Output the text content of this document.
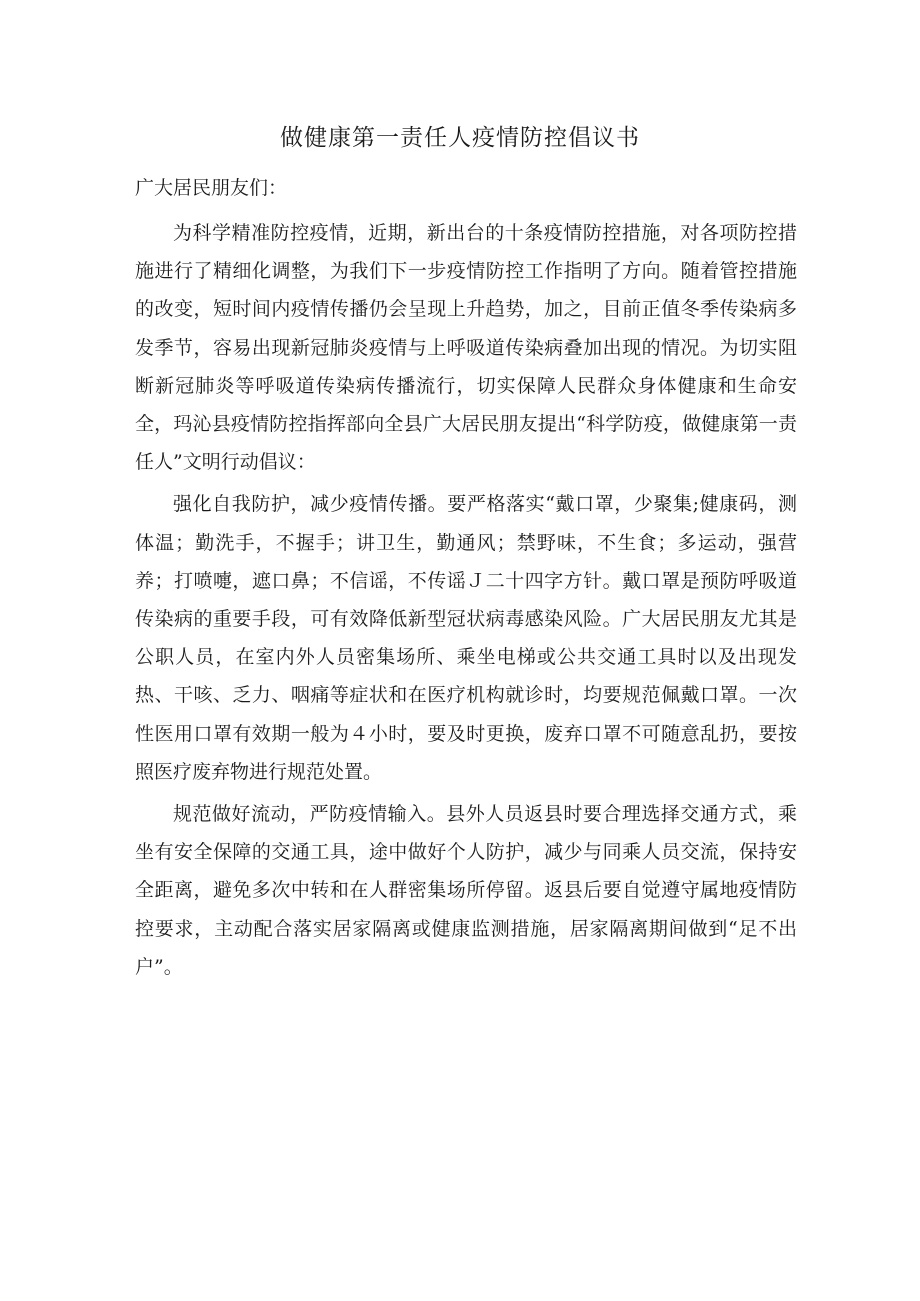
做健康第一责任人疫情防控倡议书
广大居民朋友们：

为科学精准防控疫情，近期，新出台的十条疫情防控措施，对各项防控措施进行了精细化调整，为我们下一步疫情防控工作指明了方向。随着管控措施的改变，短时间内疫情传播仍会呈现上升趋势，加之，目前正值冬季传染病多发季节，容易出现新冠肺炎疫情与上呼吸道传染病叠加出现的情况。为切实阻断新冠肺炎等呼吸道传染病传播流行，切实保障人民群众身体健康和生命安全，玛沁县疫情防控指挥部向全县广大居民朋友提出“科学防疫，做健康第一责任人”文明行动倡议：

强化自我防护，减少疫情传播。要严格落实“戴口罩，少聚集;健康码，测体温；勤洗手，不握手；讲卫生，勤通风；禁野味，不生食；多运动，强营养；打喷嚏，遮口鼻；不信谣，不传谣Ｊ二十四字方针。戴口罩是预防呼吸道传染病的重要手段，可有效降低新型冠状病毒感染风险。广大居民朋友尤其是公职人员，在室内外人员密集场所、乘坐电梯或公共交通工具时以及出现发热、干咳、乏力、咽痛等症状和在医疗机构就诊时，均要规范佩戴口罩。一次性医用口罩有效期一般为４小时，要及时更换，废弃口罩不可随意乱扔，要按照医疗废弃物进行规范处置。

规范做好流动，严防疫情输入。县外人员返县时要合理选择交通方式，乘坐有安全保障的交通工具，途中做好个人防护，减少与同乘人员交流，保持安全距离，避免多次中转和在人群密集场所停留。返县后要自觉遵守属地疫情防控要求，主动配合落实居家隔离或健康监测措施，居家隔离期间做到“足不出户”。
